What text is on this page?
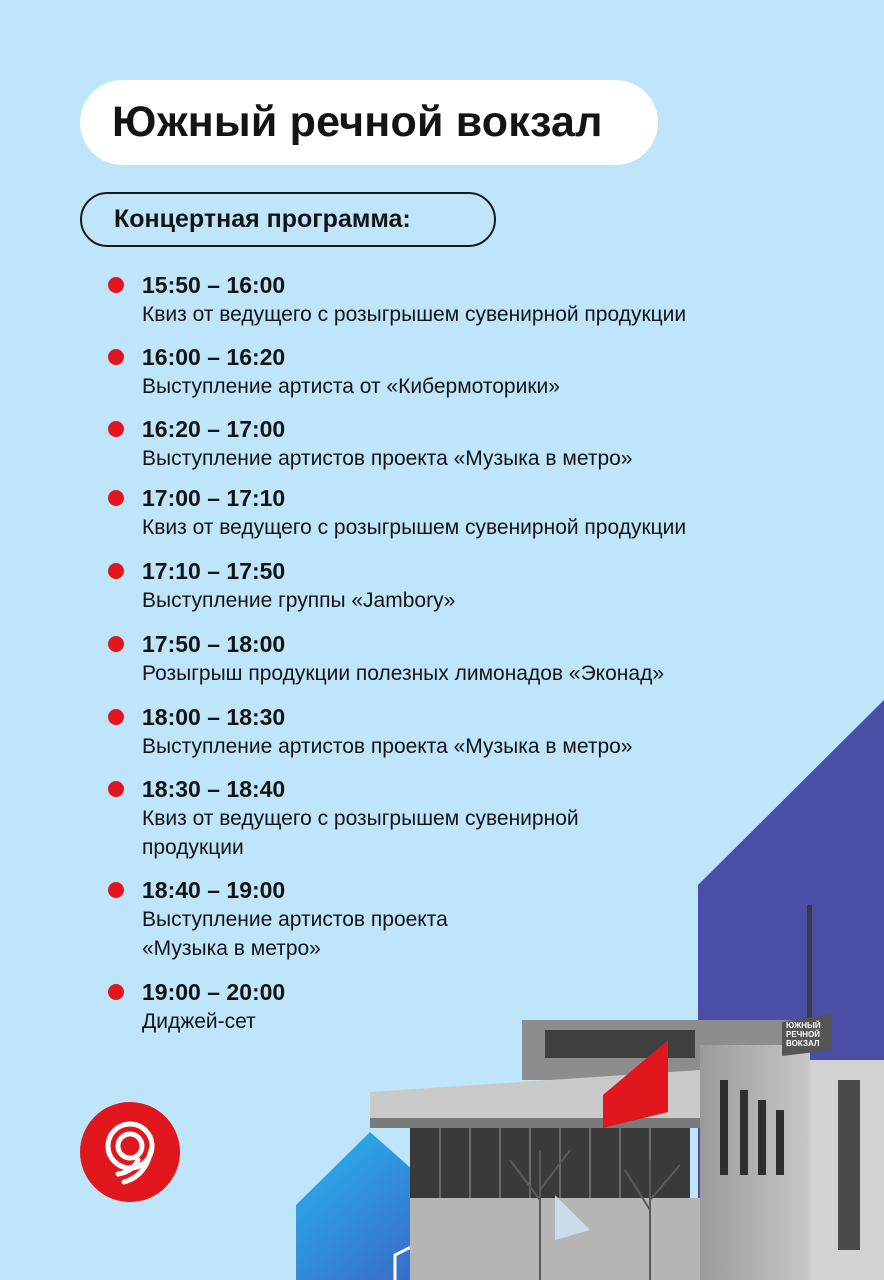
ЮЖНЫЙ
РЕЧНОЙ
ВОКЗАЛ
Южный речной вокзал
Концертная программа:
15:50 – 16:00
Квиз от ведущего с розыгрышем сувенирной продукции
16:00 – 16:20
Выступление артиста от «Кибермоторики»
16:20 – 17:00
Выступление артистов проекта «Музыка в метро»
17:00 – 17:10
Квиз от ведущего с розыгрышем сувенирной продукции
17:10 – 17:50
Выступление группы «Jambory»
17:50 – 18:00
Розыгрыш продукции полезных лимонадов «Эконад»
18:00 – 18:30
Выступление артистов проекта «Музыка в метро»
18:30 – 18:40
Квиз от ведущего с розыгрышем сувенирной
продукции
18:40 – 19:00
Выступление артистов проекта
«Музыка в метро»
19:00 – 20:00
Диджей-сет
